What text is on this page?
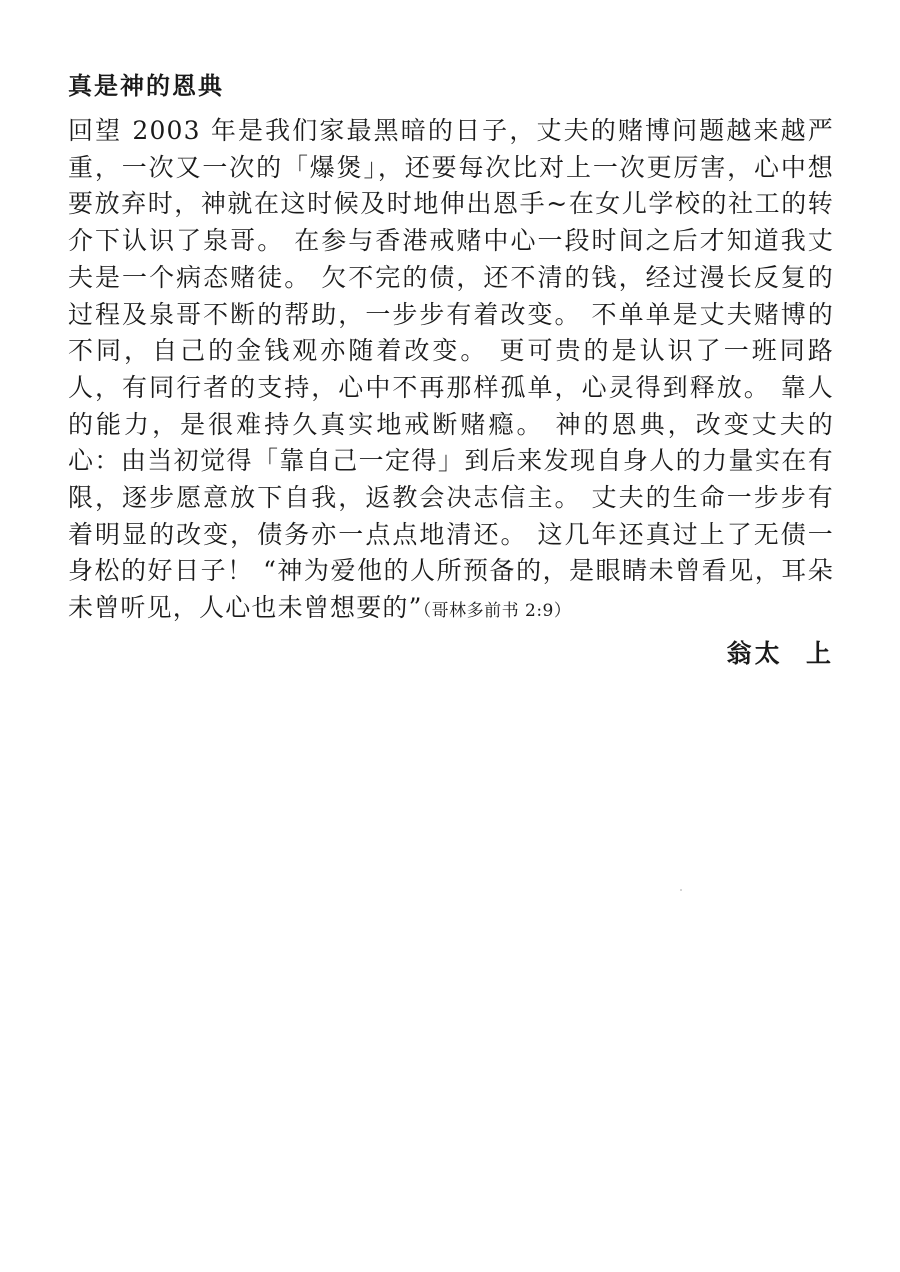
真是神的恩典

回望 2003 年是我们家最黑暗的日子，丈夫的赌博问题越来越严重，一次又一次的「爆煲」，还要每次比对上一次更厉害，心中想要放弃时，神就在这时候及时地伸出恩手~在女儿学校的社工的转介下认识了泉哥。 在参与香港戒赌中心一段时间之后才知道我丈夫是一个病态赌徒。 欠不完的债，还不清的钱，经过漫长反复的过程及泉哥不断的帮助，一步步有着改变。 不单单是丈夫赌博的不同，自己的金钱观亦随着改变。 更可贵的是认识了一班同路人，有同行者的支持，心中不再那样孤单，心灵得到释放。 靠人的能力，是很难持久真实地戒断赌瘾。 神的恩典，改变丈夫的心：由当初觉得「靠自己一定得」到后来发现自身人的力量实在有限，逐步愿意放下自我，返教会决志信主。 丈夫的生命一步步有着明显的改变，债务亦一点点地清还。 这几年还真过上了无债一身松的好日子！ “神为爱他的人所预备的，是眼睛未曾看见，耳朵未曾听见，人心也未曾想要的”（哥林多前书 2:9）

翁太  上
